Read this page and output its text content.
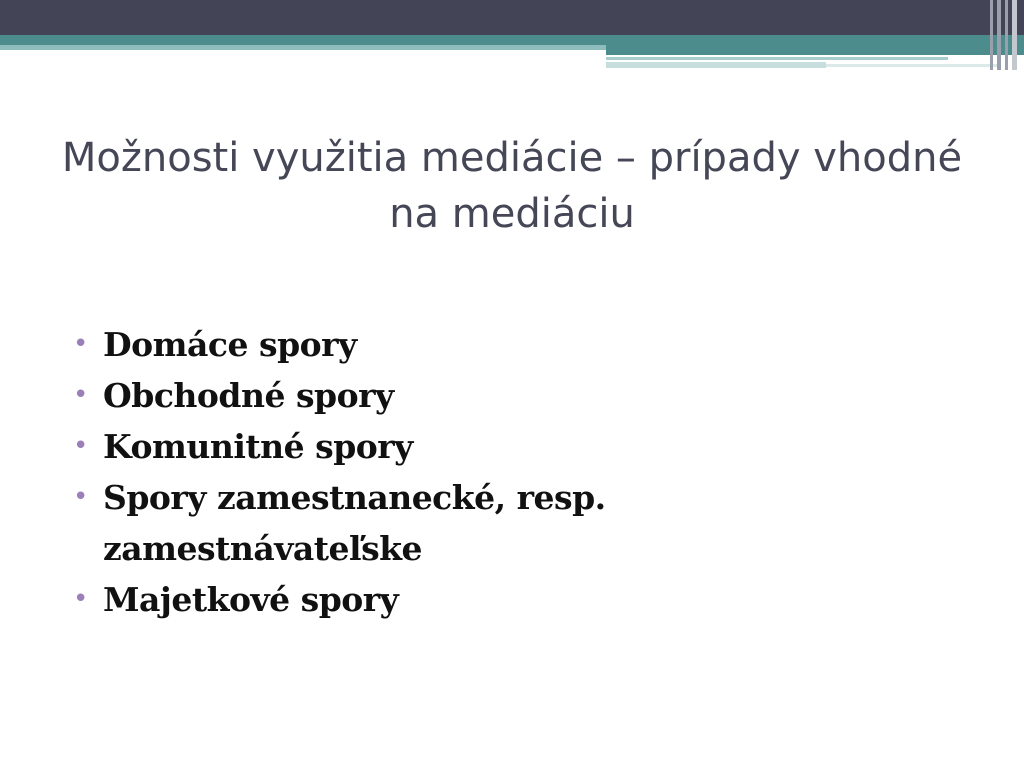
Možnosti využitia mediácie – prípady vhodné na mediáciu
• Domáce spory
• Obchodné spory
• Komunitné spory
• Spory zamestnanecké, resp. zamestnávateľske
• Majetkové spory
